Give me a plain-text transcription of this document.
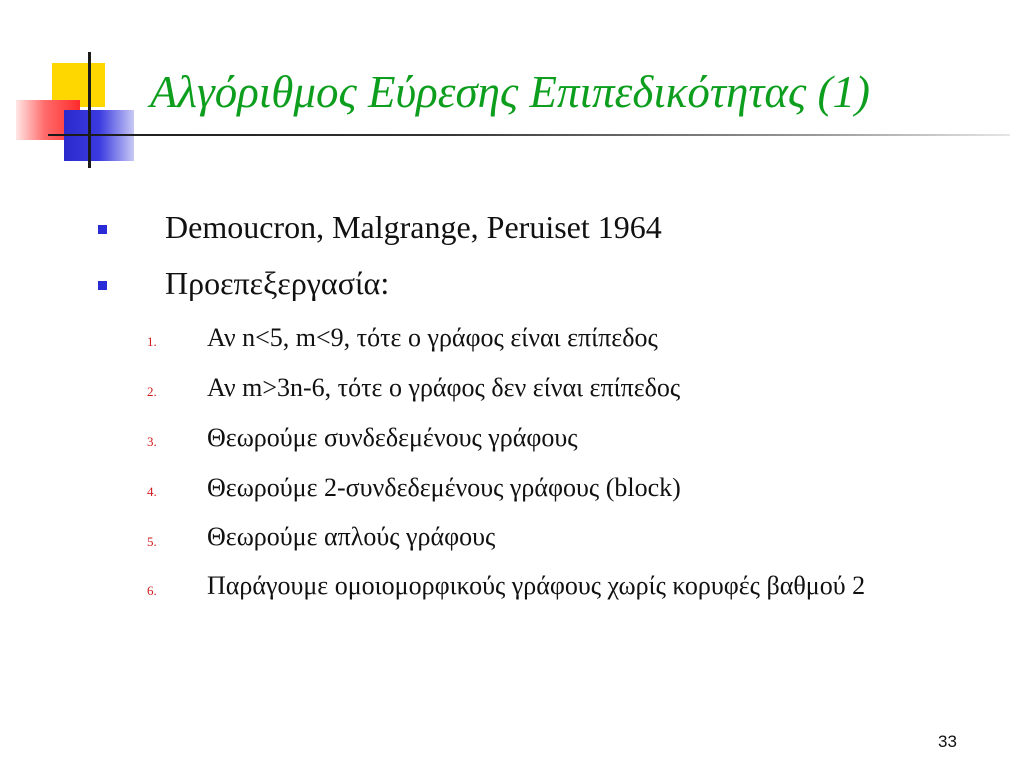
Αλγόριθμος Εύρεσης Επιπεδικότητας (1)
Demoucron, Malgrange, Peruiset 1964
Προεπεξεργασία:
1. Αν n<5, m<9, τότε ο γράφος είναι επίπεδος
2. Αν m>3n-6, τότε ο γράφος δεν είναι επίπεδος
3. Θεωρούμε συνδεδεμένους γράφους
4. Θεωρούμε 2-συνδεδεμένους γράφους (block)
5. Θεωρούμε απλούς γράφους
6. Παράγουμε ομοιομορφικούς γράφους χωρίς κορυφές βαθμού 2
33
